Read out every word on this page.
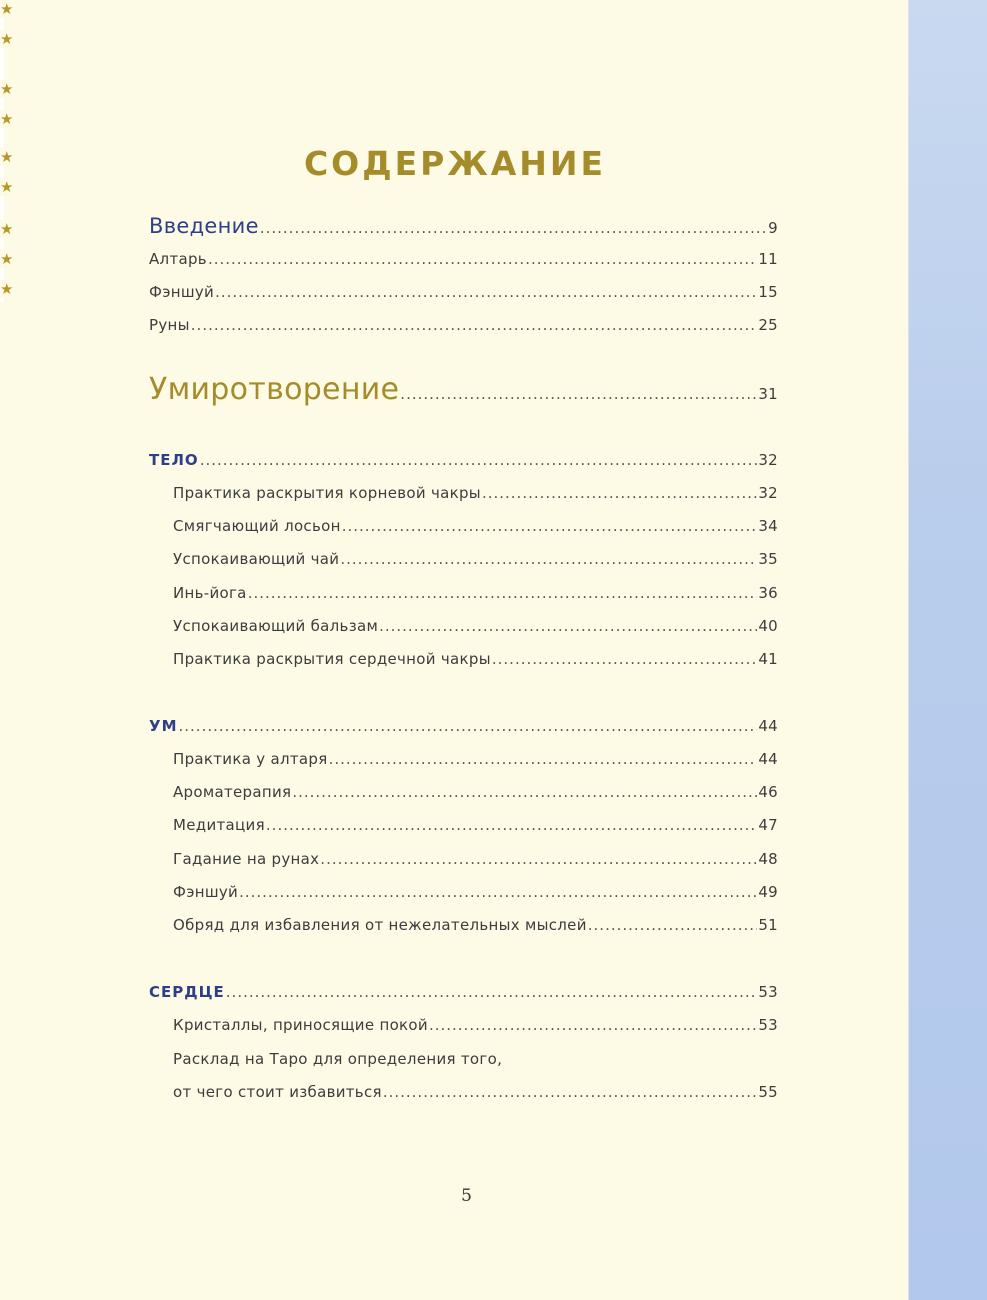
★
★
★
★
★
★
★
★
★
СОДЕРЖАНИЕ
Введение .....	9
Алтарь .....	11
Фэншуй .....	15
Руны .....	25
Умиротворение .....	31
ТЕЛО .....	32
Практика раскрытия корневой чакры .....	32
Смягчающий лосьон .....	34
Успокаивающий чай .....	35
Инь-йога .....	36
Успокаивающий бальзам .....	40
Практика раскрытия сердечной чакры .....	41
УМ .....	44
Практика у алтаря .....	44
Ароматерапия .....	46
Медитация .....	47
Гадание на рунах .....	48
Фэншуй .....	49
Обряд для избавления от нежелательных мыслей .....	51
СЕРДЦЕ .....	53
Кристаллы, приносящие покой .....	53
Расклад на Таро для определения того,
от чего стоит избавиться .....	55
5
